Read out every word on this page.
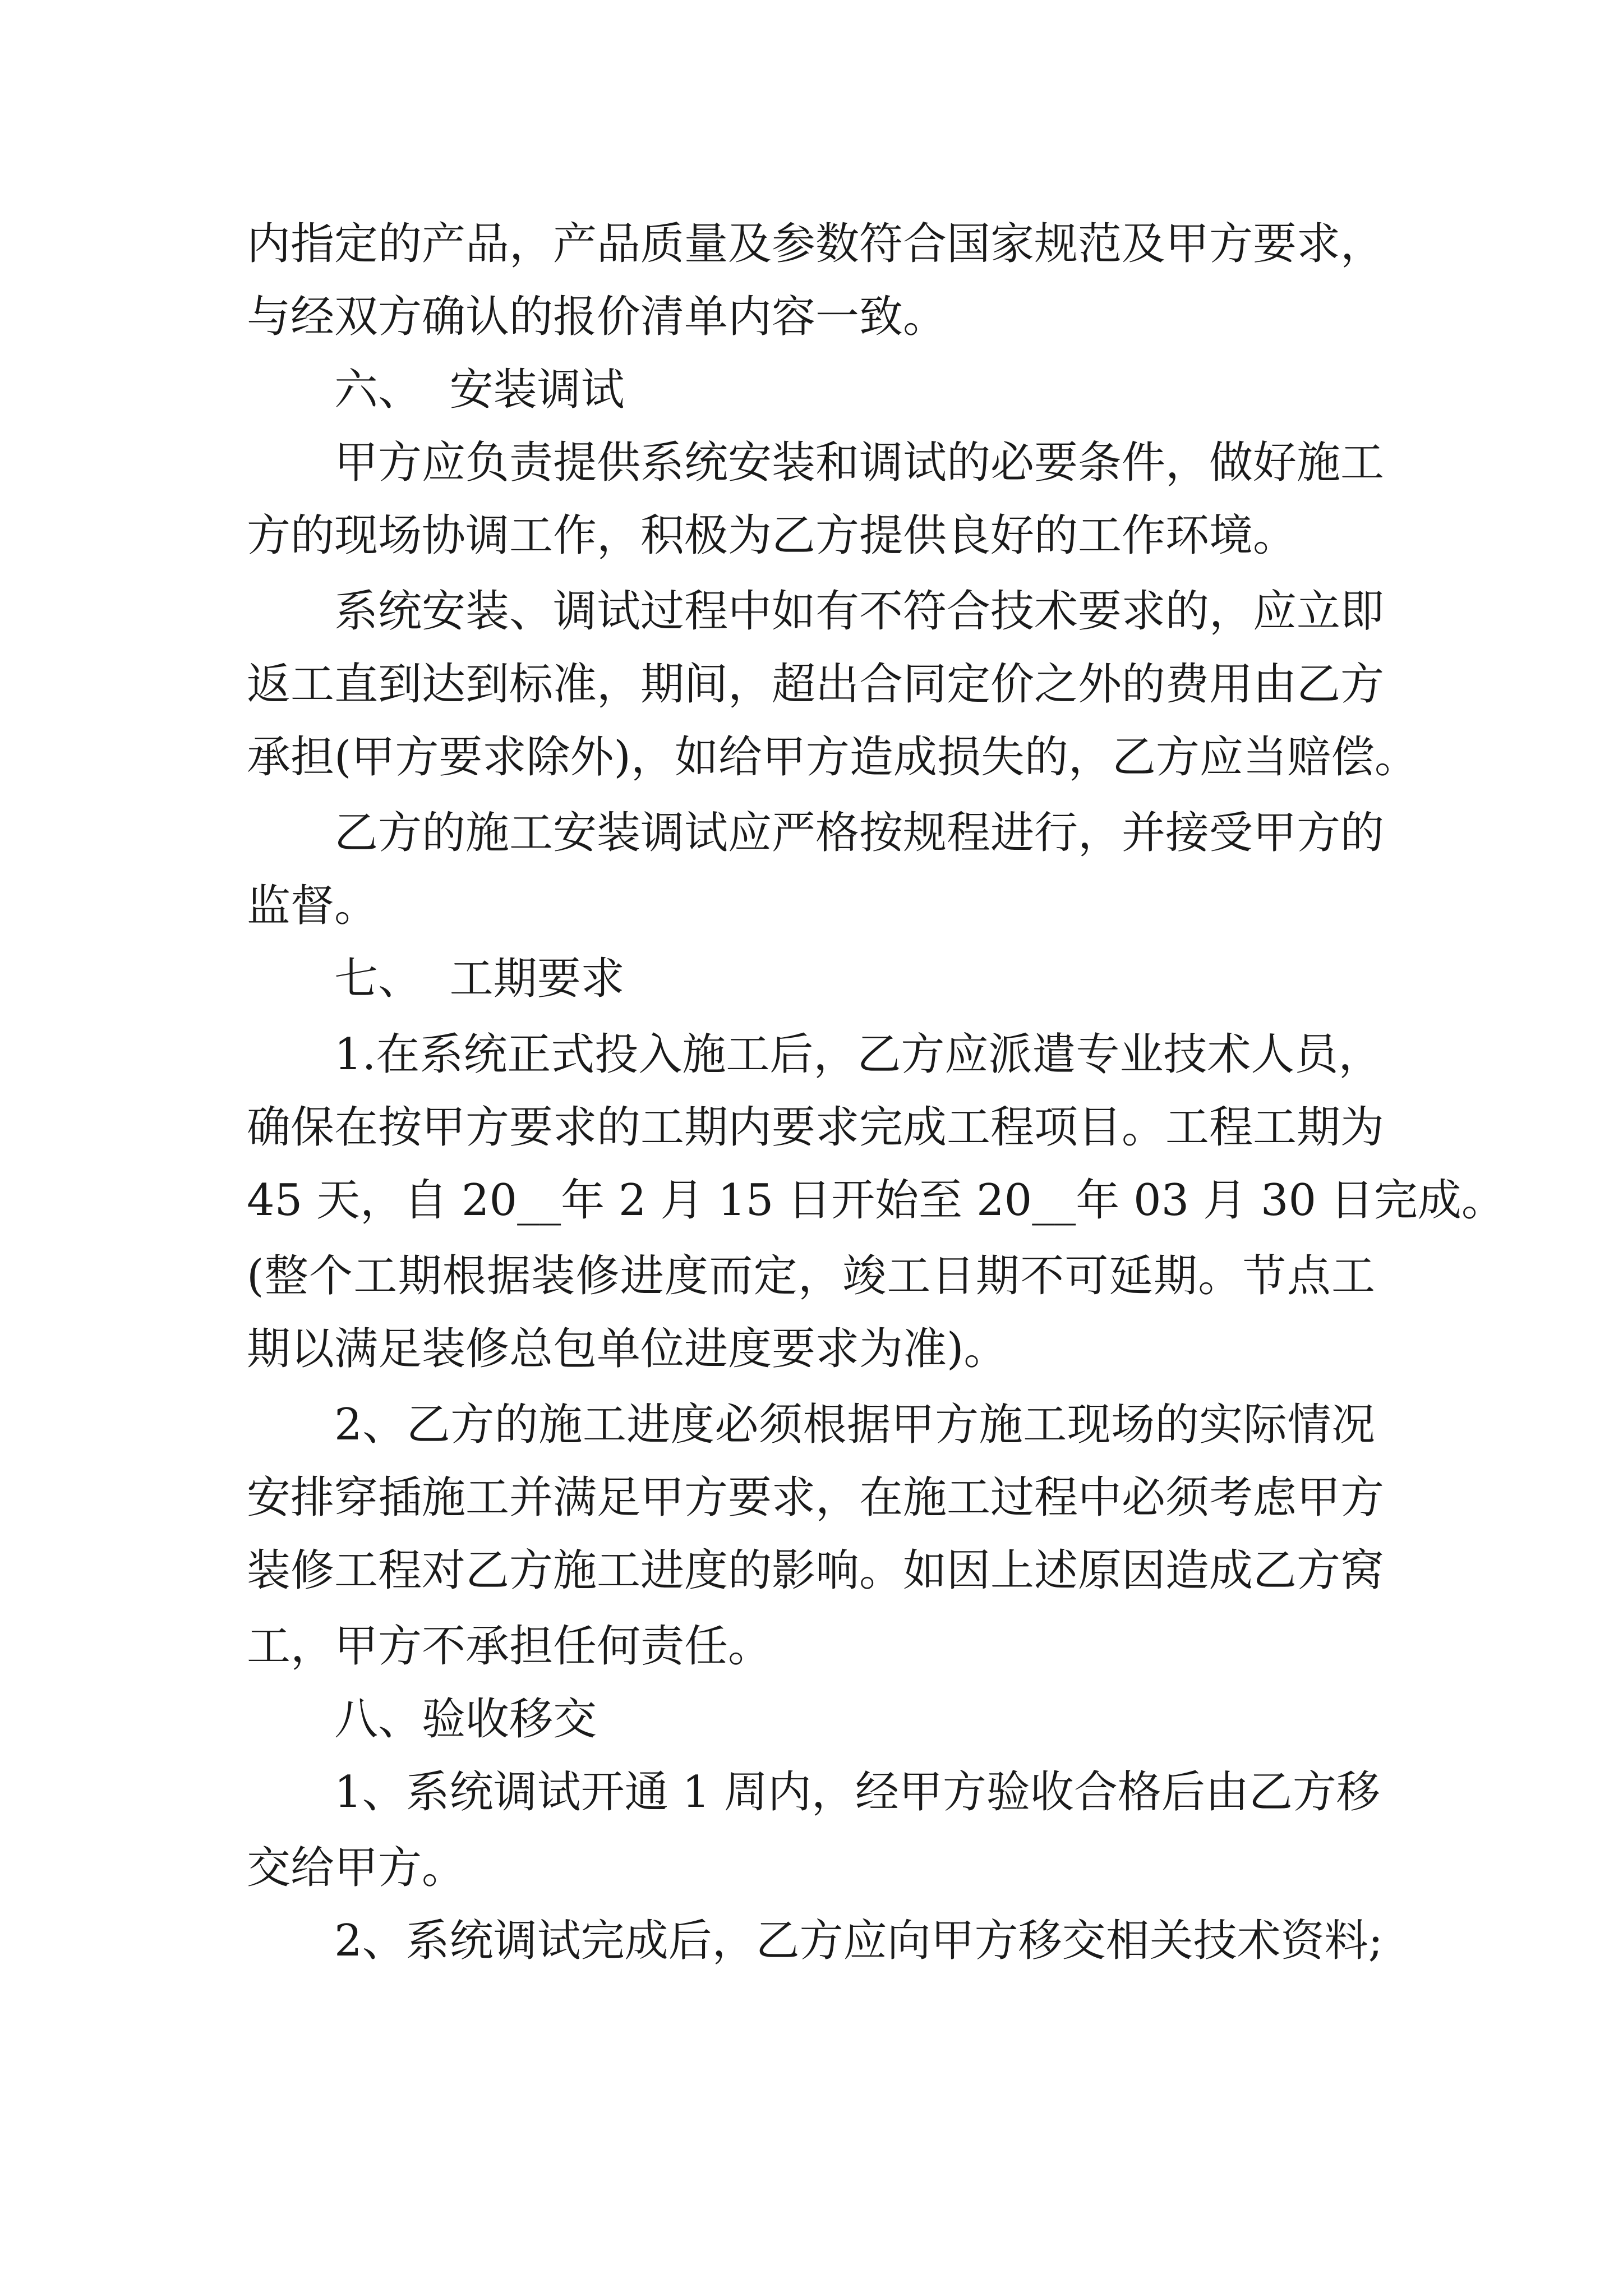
内指定的产品，产品质量及参数符合国家规范及甲方要求，
与经双方确认的报价清单内容一致。
六、  安装调试
甲方应负责提供系统安装和调试的必要条件，做好施工
方的现场协调工作，积极为乙方提供良好的工作环境。
系统安装、调试过程中如有不符合技术要求的，应立即
返工直到达到标准，期间，超出合同定价之外的费用由乙方
承担(甲方要求除外)，如给甲方造成损失的，乙方应当赔偿。
乙方的施工安装调试应严格按规程进行，并接受甲方的
监督。
七、  工期要求
1.在系统正式投入施工后，乙方应派遣专业技术人员，
确保在按甲方要求的工期内要求完成工程项目。工程工期为
45 天，自 20__年 2 月 15 日开始至 20__年 03 月 30 日完成。
(整个工期根据装修进度而定，竣工日期不可延期。节点工
期以满足装修总包单位进度要求为准)。
2、乙方的施工进度必须根据甲方施工现场的实际情况
安排穿插施工并满足甲方要求，在施工过程中必须考虑甲方
装修工程对乙方施工进度的影响。如因上述原因造成乙方窝
工，甲方不承担任何责任。
八、验收移交
1、系统调试开通 1 周内，经甲方验收合格后由乙方移
交给甲方。
2、系统调试完成后，乙方应向甲方移交相关技术资料;
